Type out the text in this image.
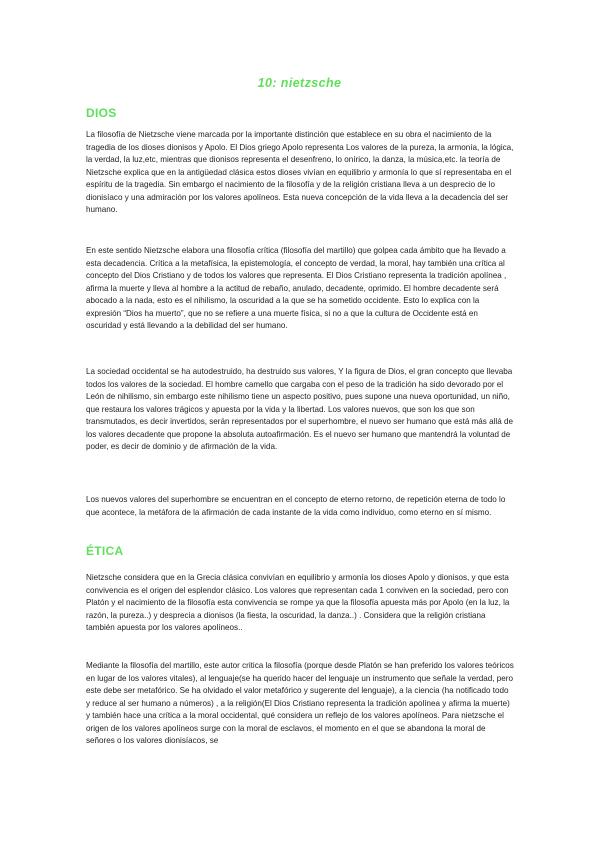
10: nietzsche
DIOS

La filosofía de Nietzsche viene marcada por la importante distinción que establece en su obra el nacimiento de la tragedia de los dioses dionisos y Apolo. El Dios griego Apolo representa Los valores de la pureza, la armonía, la lógica, la verdad, la luz,etc, mientras que dionisos representa el desenfreno, lo onírico, la danza, la música,etc. la teoría de Nietzsche explica que en la antigüedad clásica estos dioses vivían en equilibrio y armonía lo que sí representaba en el espíritu de la tragedia. Sin embargo el nacimiento de la filosofía y de la religión cristiana lleva a un desprecio de lo dionisíaco y una admiración por los valores apolíneos. Esta nueva concepción de la vida lleva a la decadencia del ser humano.

En este sentido Nietzsche elabora una filosofía crítica (filosofía del martillo) que golpea cada ámbito que ha llevado a esta decadencia. Crítica a la metafísica, la epistemología, el concepto de verdad, la moral, hay también una crítica al concepto del Dios Cristiano y de todos los valores que representa. El Dios Cristiano representa la tradición apolínea , afirma la muerte y lleva al hombre a la actitud de rebaño, anulado, decadente, oprimido. El hombre decadente será abocado a la nada, esto es el nihilismo, la oscuridad a la que se ha sometido occidente. Esto lo explica con la expresión “Dios ha muerto”, que no se refiere a una muerte física, si no a que la cultura de Occidente está en oscuridad y está llevando a la debilidad del ser humano.

La sociedad occidental se ha autodestruido, ha destruido sus valores, Y la figura de Dios, el gran concepto que llevaba todos los valores de la sociedad. El hombre camello que cargaba con el peso de la tradición ha sido devorado por el León de nihilismo, sin embargo este nihilismo tiene un aspecto positivo, pues supone una nueva oportunidad, un niño, que restaura los valores trágicos y apuesta por la vida y la libertad. Los valores nuevos, que son los que son transmutados, es decir invertidos, serán representados por el superhombre, el nuevo ser humano que está más allá de los valores decadente que propone la absoluta autoafirmación. Es el nuevo ser humano que mantendrá la voluntad de poder, es decir de dominio y de afirmación de la vida.

Los nuevos valores del superhombre se encuentran en el concepto de eterno retorno, de repetición eterna de todo lo que acontece, la metáfora de la afirmación de cada instante de la vida como individuo, como eterno en sí mismo.

ÉTICA

Nietzsche considera que en la Grecia clásica convivían en equilibrio y armonía los dioses Apolo y dionisos, y que esta convivencia es el origen del esplendor clásico. Los valores que representan cada 1 conviven en la sociedad, pero con Platón y el nacimiento de la filosofía esta convivencia se rompe ya que la filosofía apuesta más por Apolo (en la luz, la razón, la pureza..) y desprecia a dionisos (la fiesta, la oscuridad, la danza..) . Considera que la religión cristiana también apuesta por los valores apolíneos..

Mediante la filosofía del martillo, este autor critica la filosofía (porque desde Platón se han preferido los valores teóricos en lugar de los valores vitales), al lenguaje(se ha querido hacer del lenguaje un instrumento que señale la verdad, pero este debe ser metafórico. Se ha olvidado el valor metafórico y sugerente del lenguaje), a la ciencia (ha notificado todo y reduce al ser humano a números) , a la religión(El Dios Cristiano representa la tradición apolínea y afirma la muerte) y también hace una crítica a la moral occidental, qué considera un reflejo de los valores apolíneos. Para nietzsche el origen de los valores apolíneos surge con la moral de esclavos, el momento en el que se abandona la moral de señores o los valores dionisíacos, se
